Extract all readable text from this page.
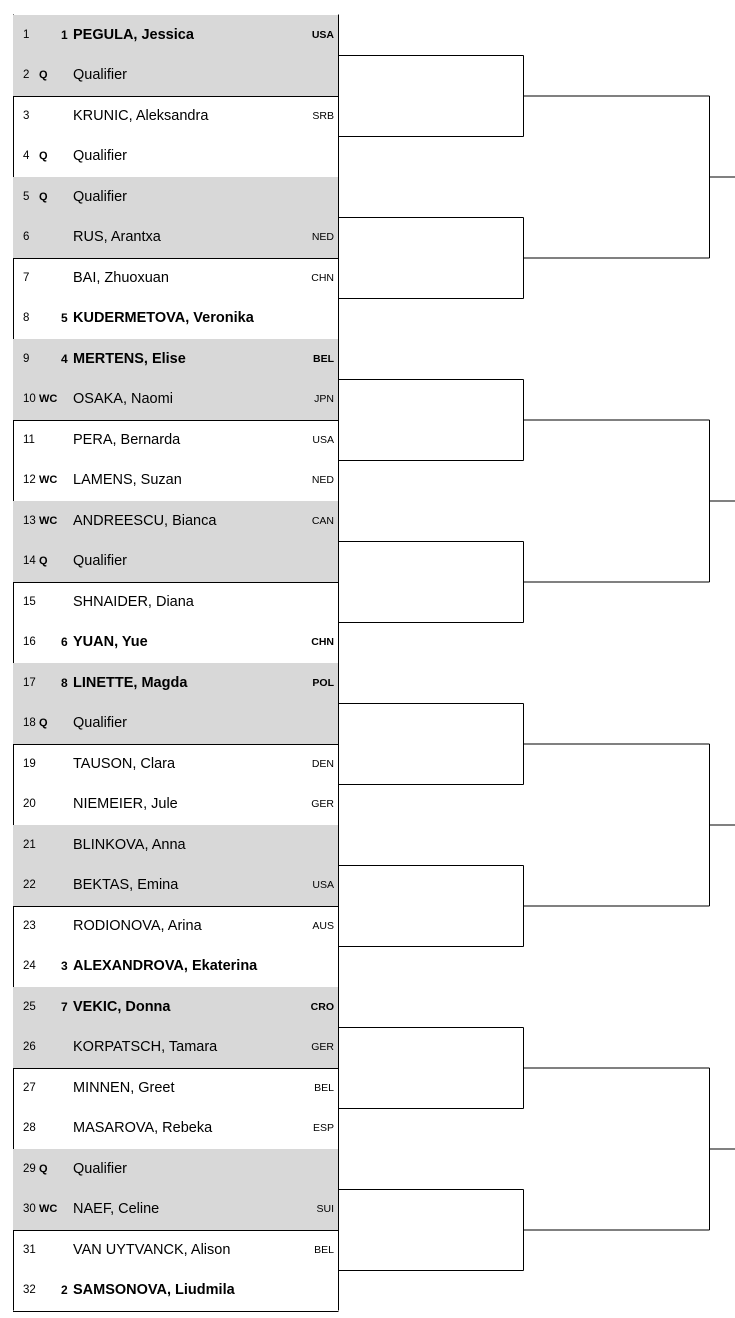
1	1 PEGULA, Jessica	USA
2 Q Qualifier
3	KRUNIC, Aleksandra	SRB
4 Q Qualifier
5 Q Qualifier
6	RUS, Arantxa	NED
7	BAI, Zhuoxuan	CHN
8	5 KUDERMETOVA, Veronika
9	4 MERTENS, Elise	BEL
10 WC OSAKA, Naomi	JPN
11	PERA, Bernarda	USA
12 WC LAMENS, Suzan	NED
13 WC ANDREESCU, Bianca	CAN
14 Q Qualifier
15	SHNAIDER, Diana
16 6 YUAN, Yue	CHN
17 8 LINETTE, Magda	POL
18 Q Qualifier
19	TAUSON, Clara	DEN
20	NIEMEIER, Jule	GER
21	BLINKOVA, Anna
22	BEKTAS, Emina	USA
23	RODIONOVA, Arina	AUS
24 3 ALEXANDROVA, Ekaterina
25 7 VEKIC, Donna	CRO
26	KORPATSCH, Tamara	GER
27	MINNEN, Greet	BEL
28	MASAROVA, Rebeka	ESP
29 Q Qualifier
30 WC NAEF, Celine	SUI
31	VAN UYTVANCK, Alison	BEL
32 2 SAMSONOVA, Liudmila
